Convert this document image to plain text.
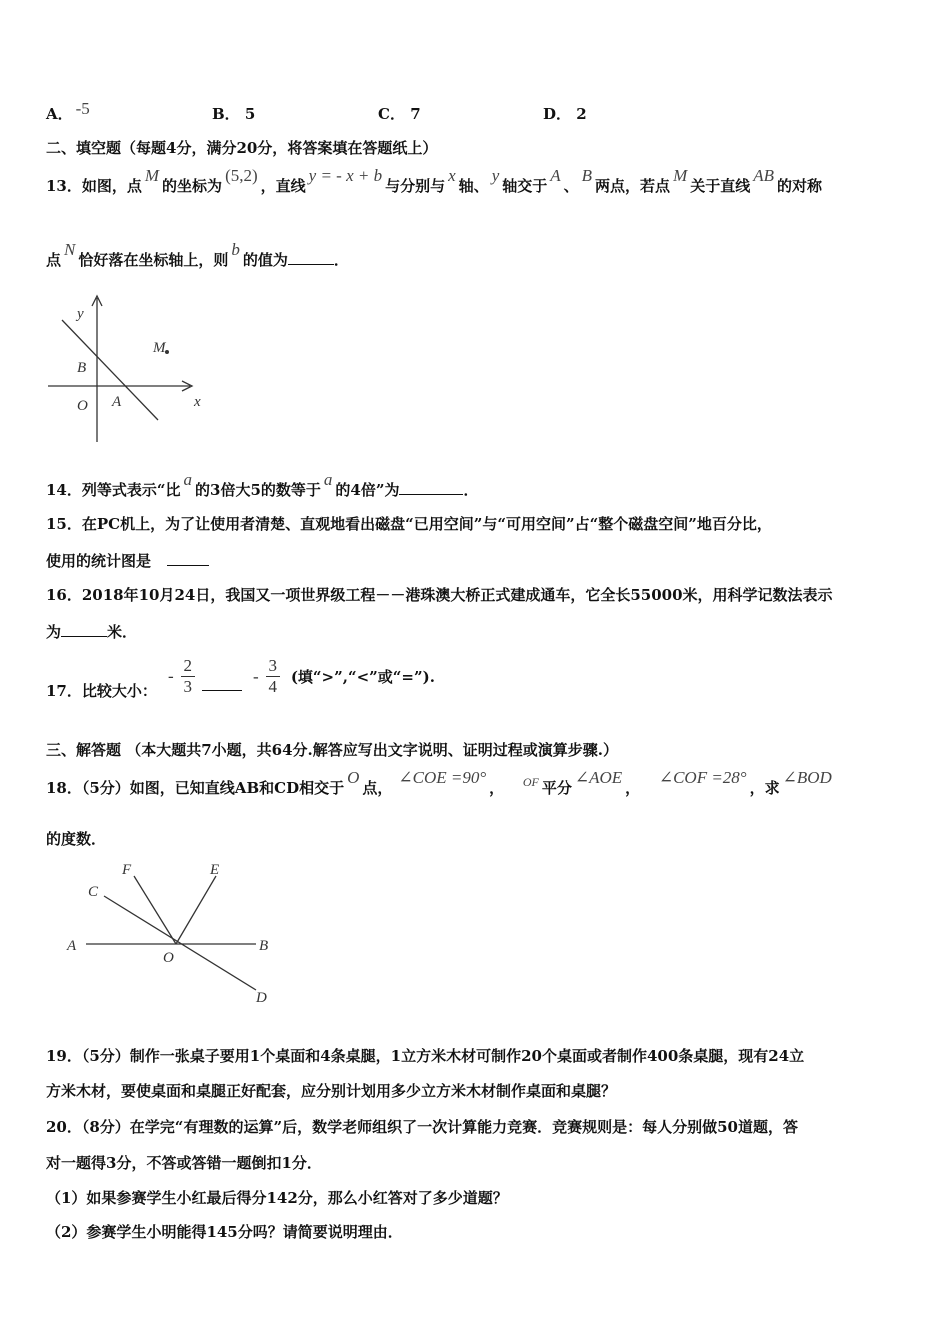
A． -5	B． 5	C． 7	D． 2
二、填空题（每题4分，满分20分，将答案填在答题纸上）
13．如图，点M的坐标为(5,2)，直线y = - x + b与分别与x轴、y轴交于A、B两点，若点M关于直线AB的对称
点N恰好落在坐标轴上，则b的值为	．
y
x
B
O A
M
14．列等式表示“比a的3倍大5的数等于a的4倍”为	．
15．在PC机上，为了让使用者清楚、直观地看出磁盘“已用空间”与“可用空间”占“整个磁盘空间”地百分比，
使用的统计图是
16．2018年10月24日，我国又一项世界级工程－－港珠澳大桥正式建成通车，它全长55000米，用科学记数法表示
为	米．
17．比较大小：
- $\frac{2}{3}$	- $\frac{3}{4}$ (填“>”,“<”或“=”).
三、解答题 （本大题共7小题，共64分.解答应写出文字说明、证明过程或演算步骤.）
18．（5分）如图，已知直线AB和CD相交于O点，∠COE =90°， $^{OF}$ 平分∠AOE，   ∠COF =28°，求∠BOD
的度数．
C
F	E
A
O
B
D
19．（5分）制作一张桌子要用1个桌面和4条桌腿，1立方米木材可制作20个桌面或者制作400条桌腿，现有24立
方米木材，要使桌面和桌腿正好配套，应分别计划用多少立方米木材制作桌面和桌腿？
20．（8分）在学完“有理数的运算”后，数学老师组织了一次计算能力竞赛．竞赛规则是：每人分别做50道题，答
对一题得3分，不答或答错一题倒扣1分．
（1）如果参赛学生小红最后得分142分，那么小红答对了多少道题？
（2）参赛学生小明能得145分吗？请简要说明理由．
